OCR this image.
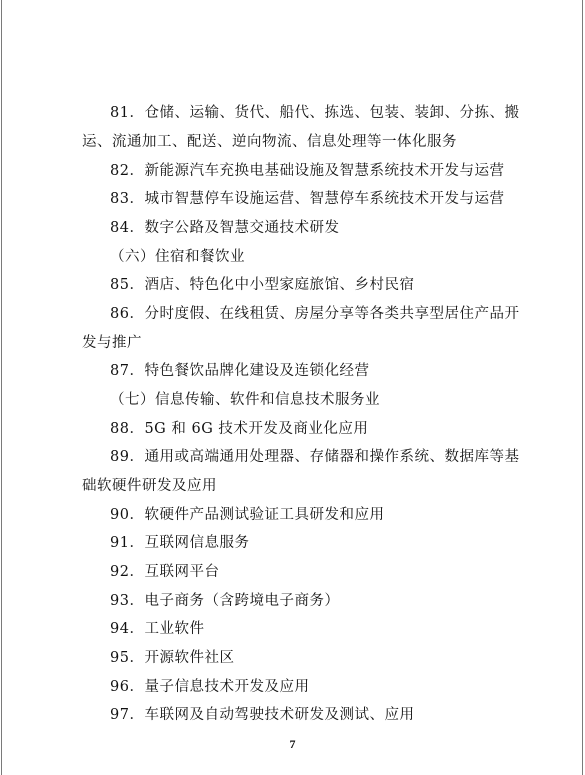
81．仓储、运输、货代、船代、拣选、包装、装卸、分拣、搬
运、流通加工、配送、逆向物流、信息处理等一体化服务
82．新能源汽车充换电基础设施及智慧系统技术开发与运营
83．城市智慧停车设施运营、智慧停车系统技术开发与运营
84．数字公路及智慧交通技术研发
（六）住宿和餐饮业
85．酒店、特色化中小型家庭旅馆、乡村民宿
86．分时度假、在线租赁、房屋分享等各类共享型居住产品开
发与推广
87．特色餐饮品牌化建设及连锁化经营
（七）信息传输、软件和信息技术服务业
88．5G 和 6G 技术开发及商业化应用
89．通用或高端通用处理器、存储器和操作系统、数据库等基
础软硬件研发及应用
90．软硬件产品测试验证工具研发和应用
91．互联网信息服务
92．互联网平台
93．电子商务（含跨境电子商务）
94．工业软件
95．开源软件社区
96．量子信息技术开发及应用
97．车联网及自动驾驶技术研发及测试、应用
7
